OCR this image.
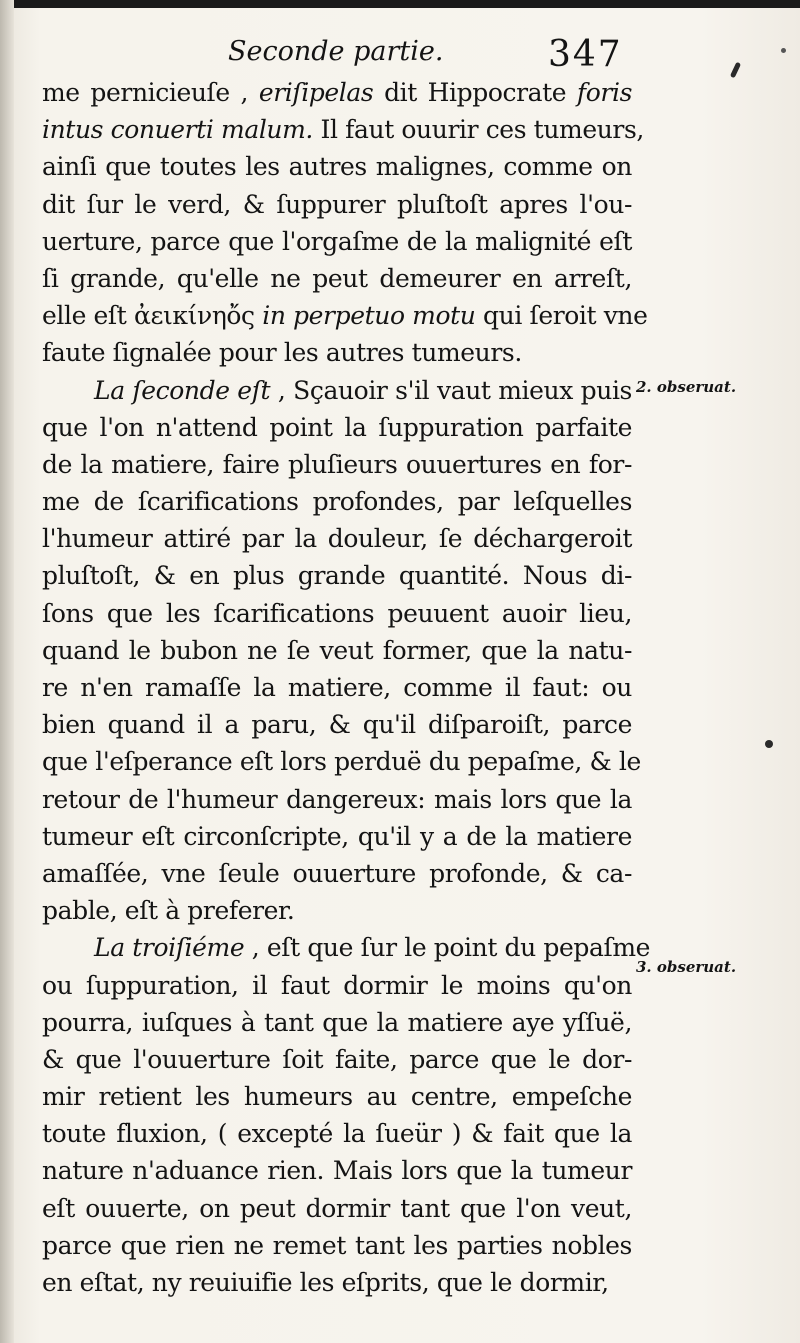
Seconde partie.	347
me pernicieuſe , eriſipelas dit Hippocrate foris
intus conuerti malum. Il faut ouurir ces tumeurs,
ainſi que toutes les autres malignes, comme on
dit ſur le verd, & ſuppurer pluſtoſt apres l'ou-
uerture, parce que l'orgaſme de la malignité eſt
ſi grande, qu'elle ne peut demeurer en arreſt,
elle eſt ἀεικίνηὄς in perpetuo motu qui ſeroit vne
faute ſignalée pour les autres tumeurs.
La ſeconde eſt , Sçauoir s'il vaut mieux puis
que l'on n'attend point la ſuppuration parfaite
de la matiere, faire pluſieurs ouuertures en for-
me de ſcarifications profondes, par leſquelles
l'humeur attiré par la douleur, ſe déchargeroit
pluſtoſt, & en plus grande quantité. Nous di-
ſons que les ſcarifications peuuent auoir lieu,
quand le bubon ne ſe veut former, que la natu-
re n'en ramaſſe la matiere, comme il faut: ou
bien quand il a paru, & qu'il diſparoiſt, parce
que l'eſperance eſt lors perduë du pepaſme, & le
retour de l'humeur dangereux: mais lors que la
tumeur eſt circonſcripte, qu'il y a de la matiere
amaſſée, vne ſeule ouuerture profonde, & ca-
pable, eſt à preferer.
La troiſiéme , eſt que ſur le point du pepaſme
ou ſuppuration, il faut dormir le moins qu'on
pourra, iuſques à tant que la matiere aye yſſuë,
& que l'ouuerture ſoit faite, parce que le dor-
mir retient les humeurs au centre, empeſche
toute fluxion, ( excepté la ſueür ) & fait que la
nature n'aduance rien. Mais lors que la tumeur
eſt ouuerte, on peut dormir tant que l'on veut,
parce que rien ne remet tant les parties nobles
en eſtat, ny reuiuifie les eſprits, que le dormir,
2. obseruat.
3. obseruat.
